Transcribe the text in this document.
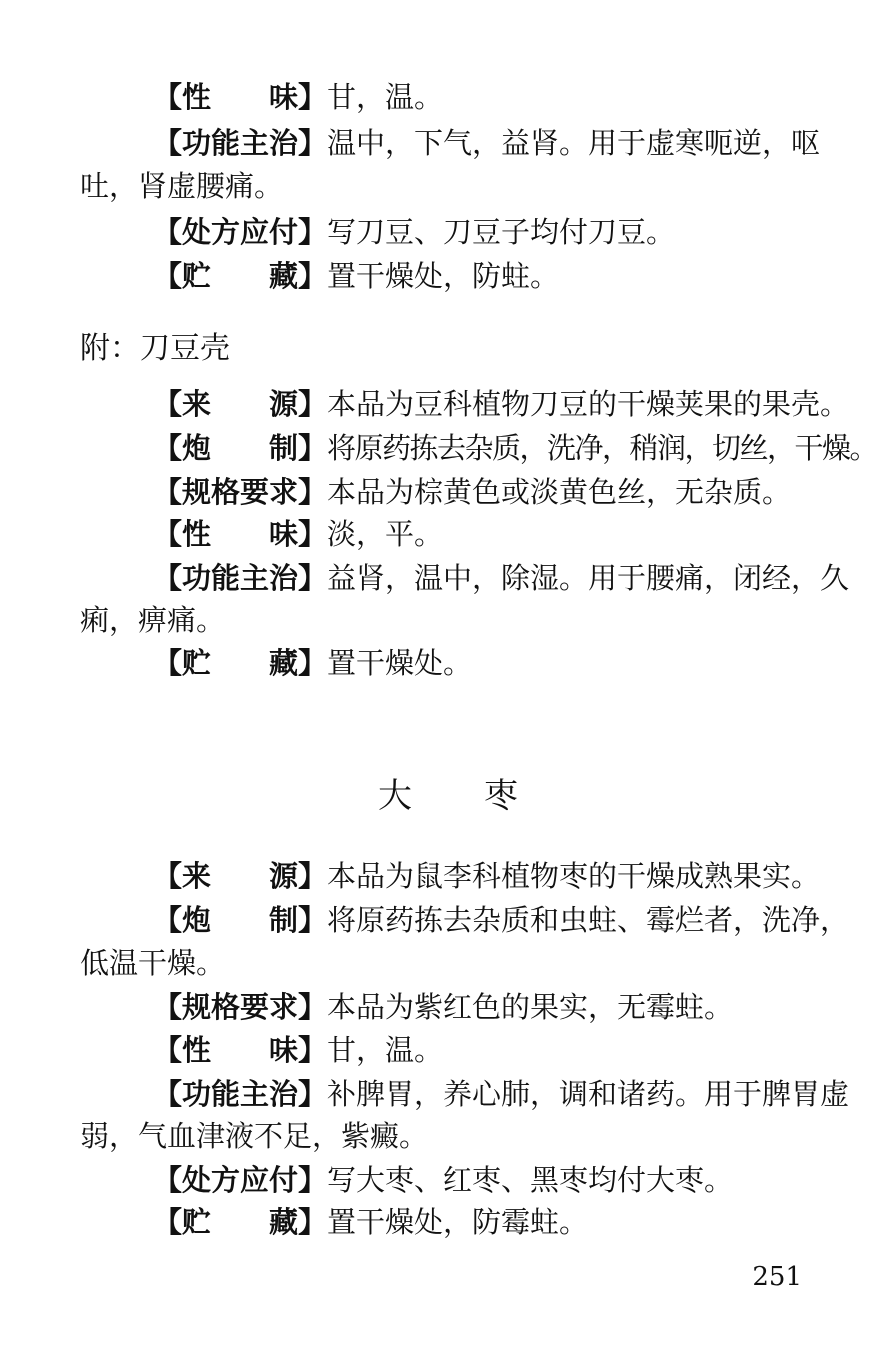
【性　　味】甘，温。
【功能主治】温中，下气，益肾。用于虚寒呃逆，呕
吐，肾虚腰痛。
【处方应付】写刀豆、刀豆子均付刀豆。
【贮　　藏】置干燥处，防蛀。
附：刀豆壳
【来　　源】本品为豆科植物刀豆的干燥荚果的果壳。
【炮　　制】将原药拣去杂质，洗净，稍润，切丝，干燥。
【规格要求】本品为棕黄色或淡黄色丝，无杂质。
【性　　味】淡，平。
【功能主治】益肾，温中，除湿。用于腰痛，闭经，久
痢，痹痛。
【贮　　藏】置干燥处。
大枣
【来　　源】本品为鼠李科植物枣的干燥成熟果实。
【炮　　制】将原药拣去杂质和虫蛀、霉烂者，洗净，
低温干燥。
【规格要求】本品为紫红色的果实，无霉蛀。
【性　　味】甘，温。
【功能主治】补脾胃，养心肺，调和诸药。用于脾胃虚
弱，气血津液不足，紫癜。
【处方应付】写大枣、红枣、黑枣均付大枣。
【贮　　藏】置干燥处，防霉蛀。
251
